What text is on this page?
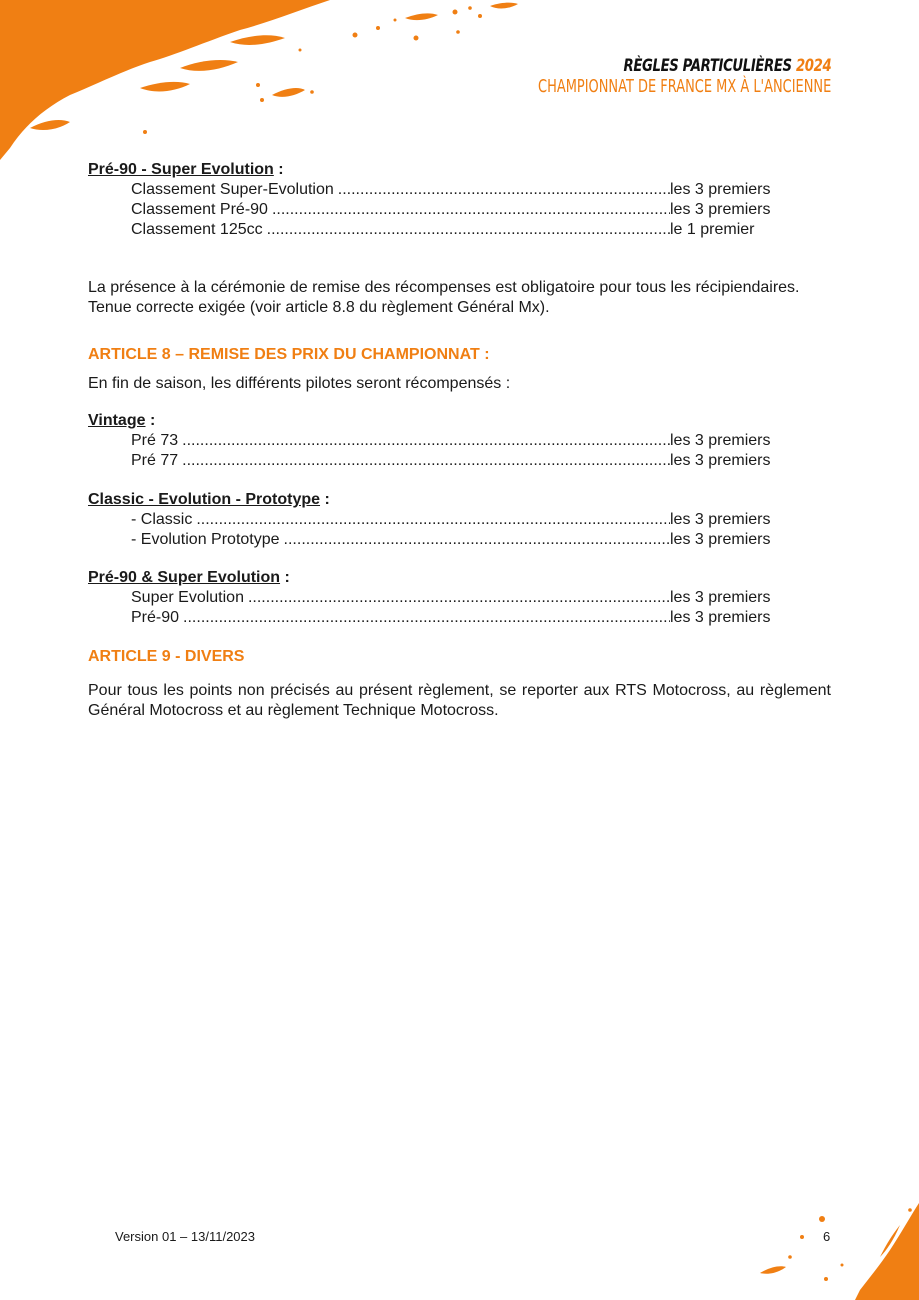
RÈGLES PARTICULIÈRES 2024
CHAMPIONNAT DE FRANCE MX À L'ANCIENNE
Pré-90 - Super Evolution :
Classement Super-Evolution .....	les 3 premiers
Classement Pré-90 .....	les 3 premiers
Classement 125cc .....	le 1 premier

La présence à la cérémonie de remise des récompenses est obligatoire pour tous les récipiendaires.
Tenue correcte exigée (voir article 8.8 du règlement Général Mx).

ARTICLE 8 – REMISE DES PRIX DU CHAMPIONNAT :

En fin de saison, les différents pilotes seront récompensés :

Vintage :
Pré 73 .....	les 3 premiers
Pré 77 .....	les 3 premiers
Classic - Evolution - Prototype :
- Classic .....	les 3 premiers
- Evolution Prototype .....	les 3 premiers
Pré-90 & Super Evolution :
Super Evolution .....	les 3 premiers
Pré-90 .....	les 3 premiers
ARTICLE 9 - DIVERS

Pour tous les points non précisés au présent règlement, se reporter aux RTS Motocross, au règlement Général Motocross et au règlement Technique Motocross.

Version 01 – 13/11/2023	6
